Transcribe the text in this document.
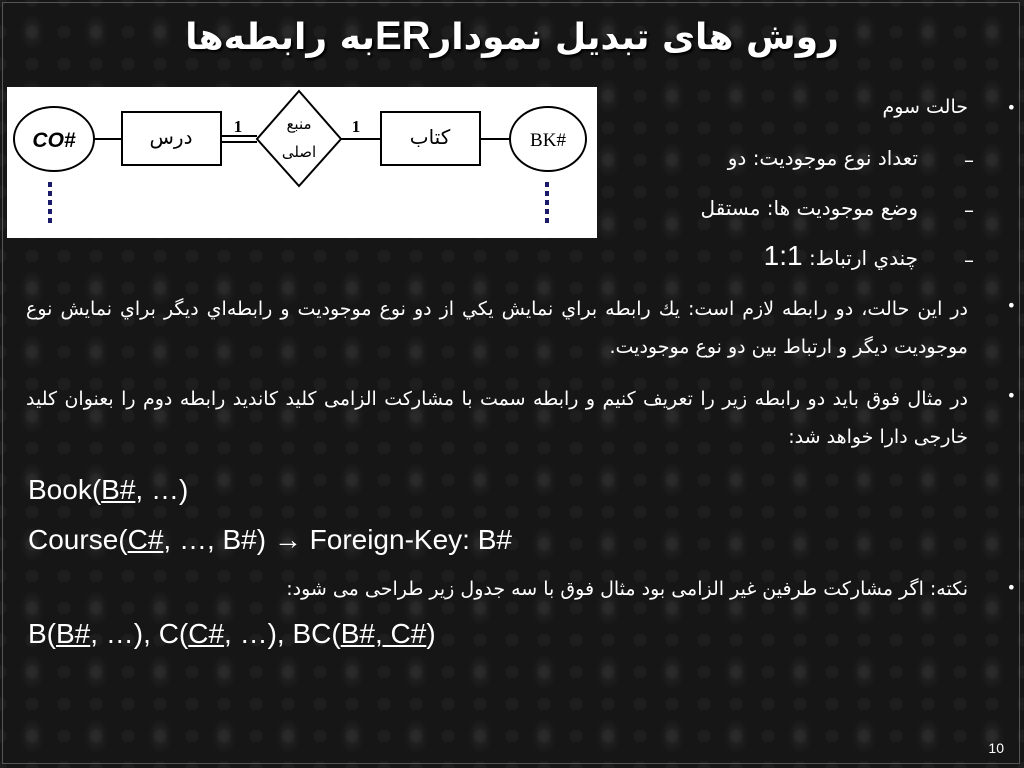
روش های تبدیل نمودارERبه رابطه‌ها
CO#	درس 1	منبع
اصلی
1 کتاب	BK#
•
حالت سوم
–
تعداد نوع موجوديت: دو
–
وضع موجوديت ها: مستقل
–
چندي ارتباط: 1:1
•
در اين حالت، دو رابطه لازم است: يك رابطه براي نمايش يكي از دو نوع موجوديت و رابطه‌اي ديگر براي نمايش نوع موجوديت ديگر و ارتباط بين دو نوع موجوديت.
•
در مثال فوق باید دو رابطه زیر را تعریف کنیم و رابطه سمت با مشارکت الزامی کلید کاندید رابطه دوم را بعنوان کلید خارجی دارا خواهد شد:
Book(B#, …)
Course(C#, …, B#) → Foreign-Key: B#
•
نکته: اگر مشارکت طرفین غیر الزامی بود مثال فوق با سه جدول زیر طراحی می شود:
B(B#, …), C(C#, …), BC(B#, C#)
10
